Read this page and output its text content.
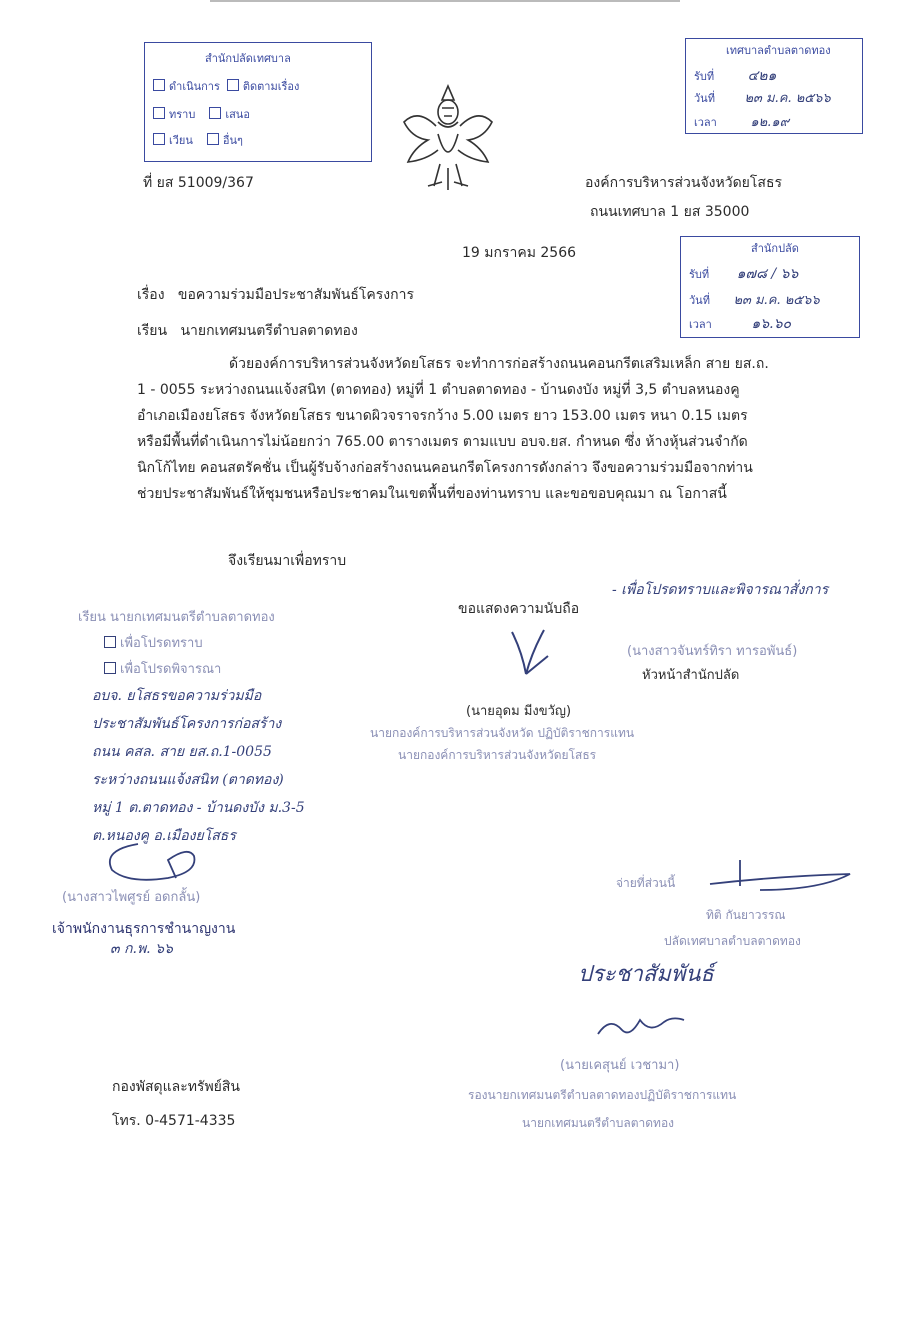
สำนักปลัดเทศบาล
ดำเนินการ ติดตามเรื่อง
ทราบ	เสนอ
เวียน	อื่นๆ
เทศบาลตำบลตาดทอง
รับที่ ๔๒๑
วันที่ ๒๓ ม.ค. ๒๕๖๖
เวลา	๑๒.๑๙
ที่ ยส 51009/367	องค์การบริหารส่วนจังหวัดยโสธร
ถนนเทศบาล 1 ยส 35000
19 มกราคม 2566	สำนักปลัด
รับที่ ๑๗๘ / ๖๖
วันที่ ๒๓ ม.ค. ๒๕๖๖
เวลา	๑๖.๖๐
เรื่อง ขอความร่วมมือประชาสัมพันธ์โครงการ
เรียน นายกเทศมนตรีตำบลตาดทอง

ด้วยองค์การบริหารส่วนจังหวัดยโสธร จะทำการก่อสร้างถนนคอนกรีตเสริมเหล็ก สาย ยส.ถ.

1 - 0055 ระหว่างถนนแจ้งสนิท (ตาดทอง) หมู่ที่ 1 ตำบลตาดทอง - บ้านดงบัง หมู่ที่ 3,5 ตำบลหนองคู

อำเภอเมืองยโสธร จังหวัดยโสธร ขนาดผิวจราจรกว้าง 5.00 เมตร ยาว 153.00 เมตร หนา 0.15 เมตร

หรือมีพื้นที่ดำเนินการไม่น้อยกว่า 765.00 ตารางเมตร ตามแบบ อบจ.ยส. กำหนด ซึ่ง ห้างหุ้นส่วนจำกัด

นิกโก้ไทย คอนสตรัคชั่น เป็นผู้รับจ้างก่อสร้างถนนคอนกรีตโครงการดังกล่าว จึงขอความร่วมมือจากท่าน

ช่วยประชาสัมพันธ์ให้ชุมชนหรือประชาคมในเขตพื้นที่ของท่านทราบ และขอขอบคุณมา ณ โอกาสนี้

จึงเรียนมาเพื่อทราบ
- เพื่อโปรดทราบและพิจารณาสั่งการ
(นางสาวจันทร์ทิรา ทารอพันธ์)
หัวหน้าสำนักปลัด
ขอแสดงความนับถือ
(นายอุดม มีงขวัญ)
นายกองค์การบริหารส่วนจังหวัด ปฏิบัติราชการแทน
นายกองค์การบริหารส่วนจังหวัดยโสธร
เรียน นายกเทศมนตรีตำบลตาดทอง
เพื่อโปรดทราบ
เพื่อโปรดพิจารณา
อบจ. ยโสธรขอความร่วมมือ
ประชาสัมพันธ์โครงการก่อสร้าง
ถนน คสล. สาย ยส.ถ.1-0055
ระหว่างถนนแจ้งสนิท (ตาดทอง)
หมู่ 1 ต.ตาดทอง - บ้านดงบัง ม.3-5
ต.หนองคู อ.เมืองยโสธร
(นางสาวไพศูรย์ อดกลั้น)
เจ้าพนักงานธุรการชำนาญงาน
๓ ก.พ. ๖๖
จ่ายที่ส่วนนี้
ทิติ กันยาวรรณ
ปลัดเทศบาลตำบลตาดทอง
ประชาสัมพันธ์
(นายเคสุนย์ เวชามา)
รองนายกเทศมนตรีตำบลตาดทองปฏิบัติราชการแทน
นายกเทศมนตรีตำบลตาดทอง
กองพัสดุและทรัพย์สิน
โทร. 0-4571-4335
